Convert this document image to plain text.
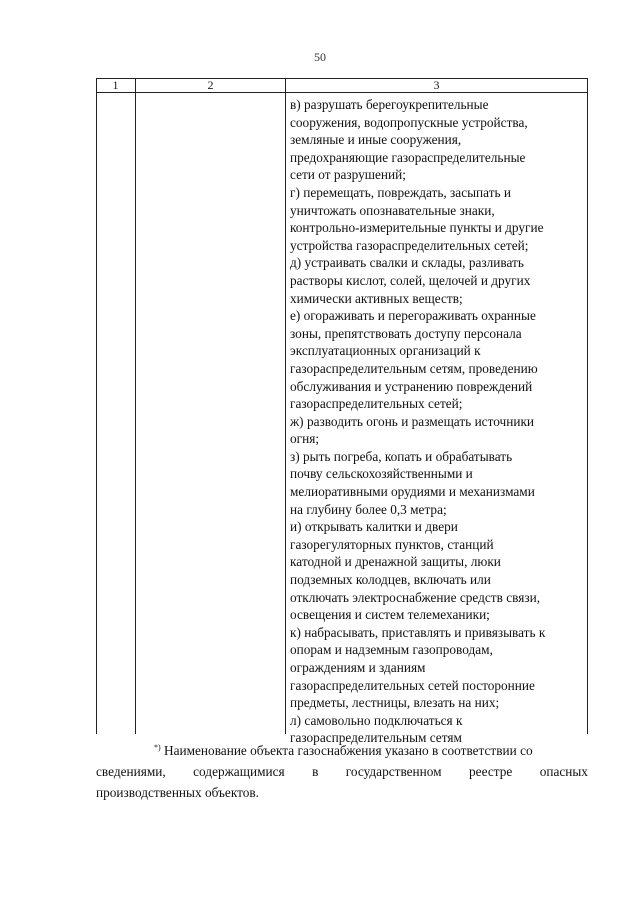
50
1	2	3
в) разрушать берегоукрепительные
сооружения, водопропускные устройства,
земляные и иные сооружения,
предохраняющие газораспределительные
сети от разрушений;
г) перемещать, повреждать, засыпать и
уничтожать опознавательные знаки,
контрольно-измерительные пункты и другие
устройства газораспределительных сетей;
д) устраивать свалки и склады, разливать
растворы кислот, солей, щелочей и других
химически активных веществ;
е) огораживать и перегораживать охранные
зоны, препятствовать доступу персонала
эксплуатационных организаций к
газораспределительным сетям, проведению
обслуживания и устранению повреждений
газораспределительных сетей;
ж) разводить огонь и размещать источники
огня;
з) рыть погреба, копать и обрабатывать
почву сельскохозяйственными и
мелиоративными орудиями и механизмами
на глубину более 0,3 метра;
и) открывать калитки и двери
газорегуляторных пунктов, станций
катодной и дренажной защиты, люки
подземных колодцев, включать или
отключать электроснабжение средств связи,
освещения и систем телемеханики;
к) набрасывать, приставлять и привязывать к
опорам и надземным газопроводам,
ограждениям и зданиям
газораспределительных сетей посторонние
предметы, лестницы, влезать на них;
л) самовольно подключаться к
газораспределительным сетям
*) Наименование объекта газоснабжения указано в соответствии со
сведениями, содержащимися в государственном реестре опасных
производственных объектов.
